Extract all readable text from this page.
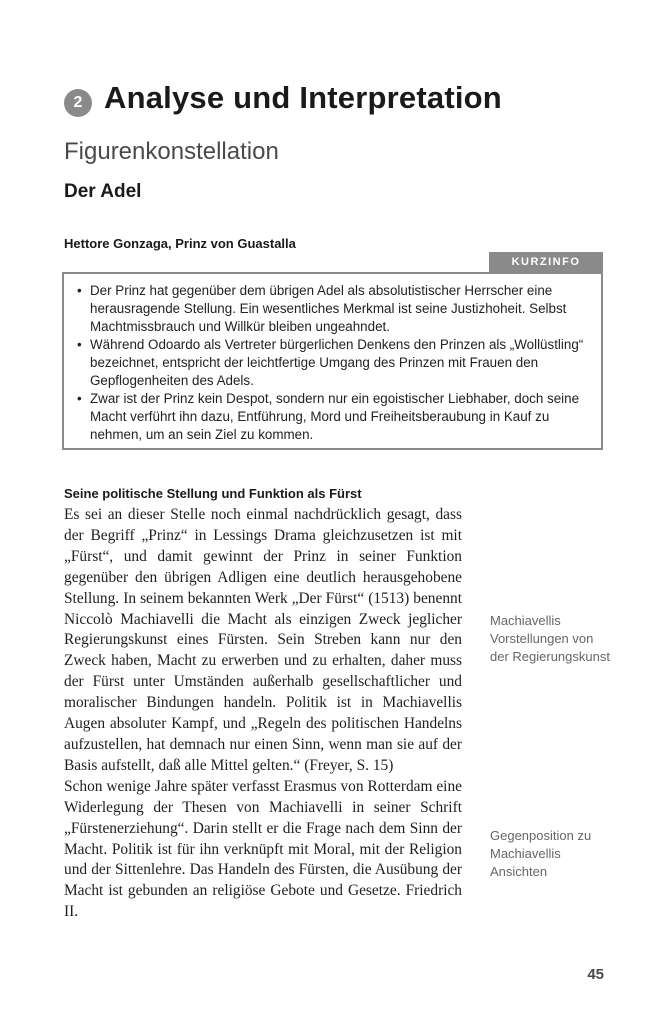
2 Analyse und Interpretation
Figurenkonstellation
Der Adel
Hettore Gonzaga, Prinz von Guastalla
KURZINFO
• Der Prinz hat gegenüber dem übrigen Adel als absolutistischer Herrscher eine herausragende Stellung. Ein wesentliches Merkmal ist seine Justizhoheit. Selbst Machtmissbrauch und Willkür bleiben ungeahndet.
• Während Odoardo als Vertreter bürgerlichen Denkens den Prinzen als „Wollüstling“ bezeichnet, entspricht der leichtfertige Umgang des Prinzen mit Frauen den Gepflogenheiten des Adels.
• Zwar ist der Prinz kein Despot, sondern nur ein egoistischer Liebhaber, doch seine Macht verführt ihn dazu, Entführung, Mord und Freiheitsberaubung in Kauf zu nehmen, um an sein Ziel zu kommen.
Seine politische Stellung und Funktion als Fürst

Es sei an dieser Stelle noch einmal nachdrücklich gesagt, dass der Begriff „Prinz“ in Lessings Drama gleichzusetzen ist mit „Fürst“, und damit gewinnt der Prinz in seiner Funktion gegenüber den übrigen Adligen eine deutlich herausgehobene Stellung. In seinem bekannten Werk „Der Fürst“ (1513) benennt Niccolò Machiavelli die Macht als einzigen Zweck jeglicher Regierungskunst eines Fürsten. Sein Streben kann nur den Zweck haben, Macht zu erwerben und zu erhalten, daher muss der Fürst unter Umständen außerhalb gesellschaftlicher und moralischer Bindungen handeln. Politik ist in Machiavellis Augen absoluter Kampf, und „Regeln des politischen Handelns aufzustellen, hat demnach nur einen Sinn, wenn man sie auf der Basis aufstellt, daß alle Mittel gelten.“ (Freyer, S. 15)

Schon wenige Jahre später verfasst Erasmus von Rotterdam eine Widerlegung der Thesen von Machiavelli in seiner Schrift „Fürstenerziehung“. Darin stellt er die Frage nach dem Sinn der Macht. Politik ist für ihn verknüpft mit Moral, mit der Religion und der Sittenlehre. Das Handeln des Fürsten, die Ausübung der Macht ist gebunden an religiöse Gebote und Gesetze. Friedrich II.

Machiavellis Vorstellungen von der Regierungskunst
Gegenposition zu Machiavellis Ansichten
45
